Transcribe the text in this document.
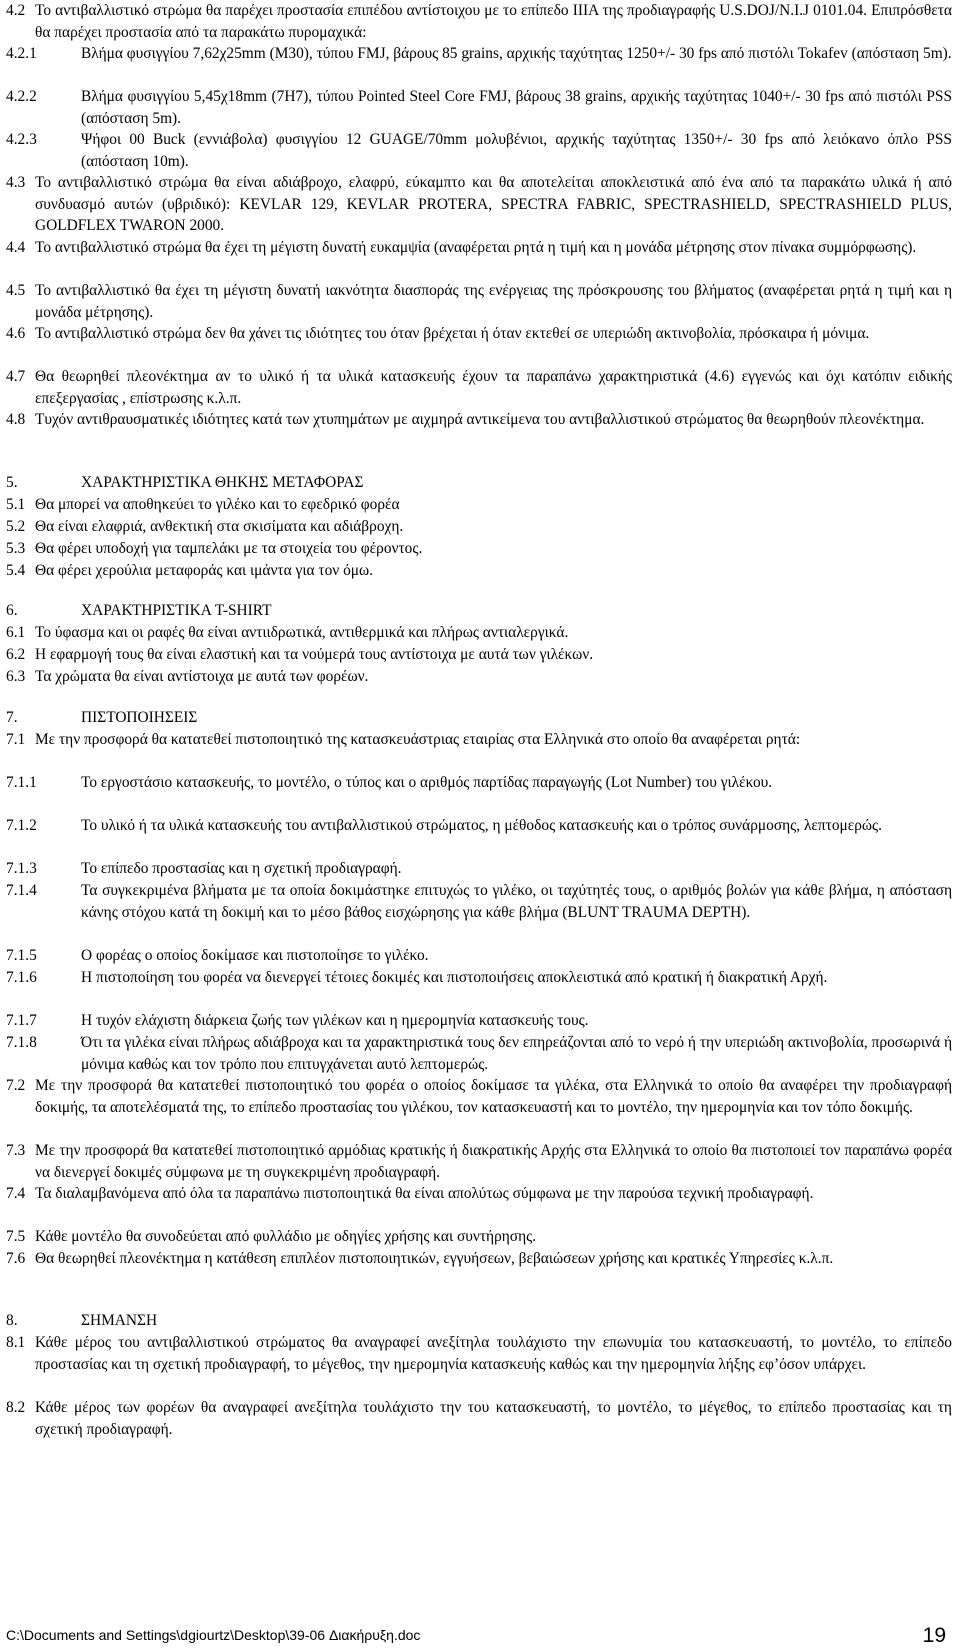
4.2 Το αντιβαλλιστικό στρώμα θα παρέχει προστασία επιπέδου αντίστοιχου με το επίπεδο ΙΙΙΑ της προδιαγραφής U.S.DOJ/N.I.J 0101.04. Επιπρόσθετα θα παρέχει προστασία από τα παρακάτω πυρομαχικά:
4.2.1	Βλήμα φυσιγγίου 7,62χ25mm (M30), τύπου FMJ, βάρους 85 grains, αρχικής ταχύτητας 1250+/- 30 fps από πιστόλι Tokafev (απόσταση 5m).
4.2.2	Βλήμα φυσιγγίου 5,45χ18mm (7H7), τύπου Pointed Steel Core FMJ, βάρους 38 grains, αρχικής ταχύτητας 1040+/- 30 fps από πιστόλι PSS (απόσταση 5m).
4.2.3	Ψήφοι 00 Buck (εννιάβολα) φυσιγγίου 12 GUAGE/70mm μολυβένιοι, αρχικής ταχύτητας 1350+/- 30 fps από λειόκανο όπλο PSS (απόσταση 10m).
4.3 Το αντιβαλλιστικό στρώμα θα είναι αδιάβροχο, ελαφρύ, εύκαμπτο και θα αποτελείται αποκλειστικά από ένα από τα παρακάτω υλικά ή από συνδυασμό αυτών (υβριδικό): KEVLAR 129, KEVLAR PROTERA, SPECTRA FABRIC, SPECTRASHIELD, SPECTRASHIELD PLUS, GOLDFLEX TWARON 2000.
4.4 Το αντιβαλλιστικό στρώμα θα έχει τη μέγιστη δυνατή ευκαμψία (αναφέρεται ρητά η τιμή και η μονάδα μέτρησης στον πίνακα συμμόρφωσης).
4.5 Το αντιβαλλιστικό θα έχει τη μέγιστη δυνατή ιακνότητα διασποράς της ενέργειας της πρόσκρουσης του βλήματος (αναφέρεται ρητά η τιμή και η μονάδα μέτρησης).
4.6 Το αντιβαλλιστικό στρώμα δεν θα χάνει τις ιδιότητες του όταν βρέχεται ή όταν εκτεθεί σε υπεριώδη ακτινοβολία, πρόσκαιρα ή μόνιμα.
4.7 Θα θεωρηθεί πλεονέκτημα αν το υλικό ή τα υλικά κατασκευής έχουν τα παραπάνω χαρακτηριστικά (4.6) εγγενώς και όχι κατόπιν ειδικής επεξεργασίας , επίστρωσης κ.λ.π.
4.8 Τυχόν αντιθραυσματικές ιδιότητες κατά των χτυπημάτων με αιχμηρά αντικείμενα του αντιβαλλιστικού στρώματος θα θεωρηθούν πλεονέκτημα.
5.	ΧΑΡΑΚΤΗΡΙΣΤΙΚΑ ΘΗΚΗΣ ΜΕΤΑΦΟΡΑΣ
5.1 Θα μπορεί να αποθηκεύει το γιλέκο και το εφεδρικό φορέα
5.2 Θα είναι ελαφριά, ανθεκτική στα σκισίματα και αδιάβροχη.
5.3 Θα φέρει υποδοχή για ταμπελάκι με τα στοιχεία του φέροντος.
5.4 Θα φέρει χερούλια μεταφοράς και ιμάντα για τον όμω.
6.	ΧΑΡΑΚΤΗΡΙΣΤΙΚΑ T-SHIRT
6.1 Το ύφασμα και οι ραφές θα είναι αντιιδρωτικά, αντιθερμικά και πλήρως αντιαλεργικά.
6.2 Η εφαρμογή τους θα είναι ελαστική και τα νούμερά τους αντίστοιχα με αυτά των γιλέκων.
6.3 Τα χρώματα θα είναι αντίστοιχα με αυτά των φορέων.
7.	ΠΙΣΤΟΠΟΙΗΣΕΙΣ
7.1 Με την προσφορά θα κατατεθεί πιστοποιητικό της κατασκευάστριας εταιρίας στα Ελληνικά στο οποίο θα αναφέρεται ρητά:
7.1.1	Το εργοστάσιο κατασκευής, το μοντέλο, ο τύπος και ο αριθμός παρτίδας παραγωγής (Lot Number) του γιλέκου.
7.1.2	Το υλικό ή τα υλικά κατασκευής του αντιβαλλιστικού στρώματος, η μέθοδος κατασκευής και ο τρόπος συνάρμοσης, λεπτομερώς.
7.1.3	Το επίπεδο προστασίας και η σχετική προδιαγραφή.
7.1.4	Τα συγκεκριμένα βλήματα με τα οποία δοκιμάστηκε επιτυχώς το γιλέκο, οι ταχύτητές τους, ο αριθμός βολών για κάθε βλήμα, η απόσταση κάνης στόχου κατά τη δοκιμή και το μέσο βάθος εισχώρησης για κάθε βλήμα (BLUNT TRAUMA DEPTH).
7.1.5	Ο φορέας ο οποίος δοκίμασε και πιστοποίησε το γιλέκο.
7.1.6	Η πιστοποίηση του φορέα να διενεργεί τέτοιες δοκιμές και πιστοποιήσεις αποκλειστικά από κρατική ή διακρατική Αρχή.
7.1.7	Η τυχόν ελάχιστη διάρκεια ζωής των γιλέκων και η ημερομηνία κατασκευής τους.
7.1.8	Ότι τα γιλέκα είναι πλήρως αδιάβροχα και τα χαρακτηριστικά τους δεν επηρεάζονται από το νερό ή την υπεριώδη ακτινοβολία, προσωρινά ή μόνιμα καθώς και τον τρόπο που επιτυγχάνεται αυτό λεπτομερώς.
7.2 Με την προσφορά θα κατατεθεί πιστοποιητικό του φορέα ο οποίος δοκίμασε τα γιλέκα, στα Ελληνικά το οποίο θα αναφέρει την προδιαγραφή δοκιμής, τα αποτελέσματά της, το επίπεδο προστασίας του γιλέκου, τον κατασκευαστή και το μοντέλο, την ημερομηνία και τον τόπο δοκιμής.
7.3 Με την προσφορά θα κατατεθεί πιστοποιητικό αρμόδιας κρατικής ή διακρατικής Αρχής στα Ελληνικά το οποίο θα πιστοποιεί τον παραπάνω φορέα να διενεργεί δοκιμές σύμφωνα με τη συγκεκριμένη προδιαγραφή.
7.4 Τα διαλαμβανόμενα από όλα τα παραπάνω πιστοποιητικά θα είναι απολύτως σύμφωνα με την παρούσα τεχνική προδιαγραφή.
7.5 Κάθε μοντέλο θα συνοδεύεται από φυλλάδιο με οδηγίες χρήσης και συντήρησης.
7.6 Θα θεωρηθεί πλεονέκτημα η κατάθεση επιπλέον πιστοποιητικών, εγγυήσεων, βεβαιώσεων χρήσης και κρατικές Υπηρεσίες κ.λ.π.
8.	ΣΗΜΑΝΣΗ
8.1 Κάθε μέρος του αντιβαλλιστικού στρώματος θα αναγραφεί ανεξίτηλα τουλάχιστο την επωνυμία του κατασκευαστή, το μοντέλο, το επίπεδο προστασίας και τη σχετική προδιαγραφή, το μέγεθος, την ημερομηνία κατασκευής καθώς και την ημερομηνία λήξης εφ’όσον υπάρχει.
8.2 Κάθε μέρος των φορέων θα αναγραφεί ανεξίτηλα τουλάχιστο την του κατασκευαστή, το μοντέλο, το μέγεθος, το επίπεδο προστασίας και τη σχετική προδιαγραφή.
C:\Documents and Settings\dgiourtz\Desktop\39-06 Διακήρυξη.doc	19
